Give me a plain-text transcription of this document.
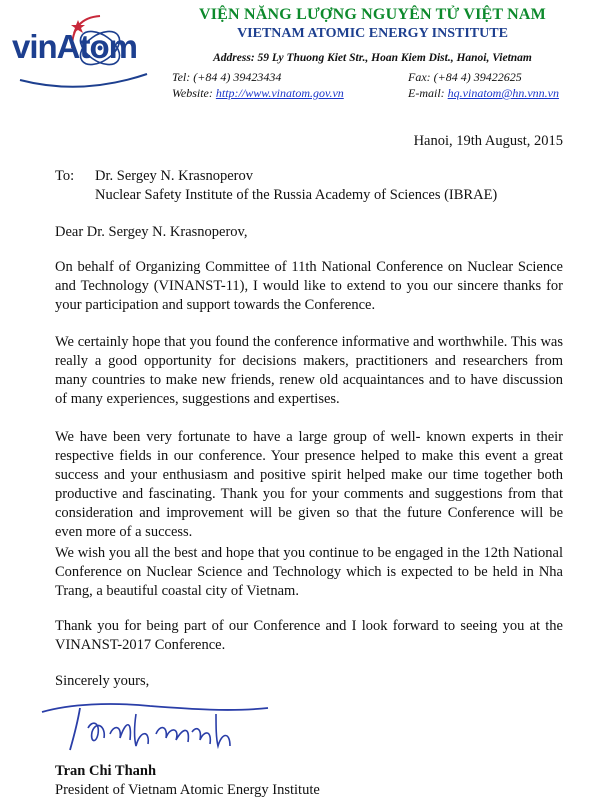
vinAtom
VIỆN NĂNG LƯỢNG NGUYÊN TỬ VIỆT NAM
VIETNAM ATOMIC ENERGY INSTITUTE
Address: 59 Ly Thuong Kiet Str., Hoan Kiem Dist., Hanoi, Vietnam
Tel: (+84 4) 39423434	Fax: (+84 4) 39422625
Website: http://www.vinatom.gov.vn	E-mail: hq.vinatom@hn.vnn.vn
Hanoi, 19th August, 2015
To: Dr. Sergey N. Krasnoperov
Nuclear Safety Institute of the Russia Academy of Sciences (IBRAE)
Dear Dr. Sergey N. Krasnoperov,
On behalf of Organizing Committee of 11th National Conference on Nuclear Science and Technology (VINANST-11), I would like to extend to you our sincere thanks for your participation and support towards the Conference.
We certainly hope that you found the conference informative and worthwhile. This was really a good opportunity for decisions makers, practitioners and researchers from many countries to make new friends, renew old acquaintances and to have discussion of many experiences, suggestions and expertises.
We have been very fortunate to have a large group of well- known experts in their respective fields in our conference. Your presence helped to make this event a great success and your enthusiasm and positive spirit helped make our time together both productive and fascinating. Thank you for your comments and suggestions from that consideration and improvement will be given so that the future Conference will be even more of a success.
We wish you all the best and hope that you continue to be engaged in the 12th National Conference on Nuclear Science and Technology which is expected to be held in Nha Trang, a beautiful coastal city of Vietnam.
Thank you for being part of our Conference and I look forward to seeing you at the VINANST-2017 Conference.
Sincerely yours,
Tran Chi Thanh
President of Vietnam Atomic Energy Institute
